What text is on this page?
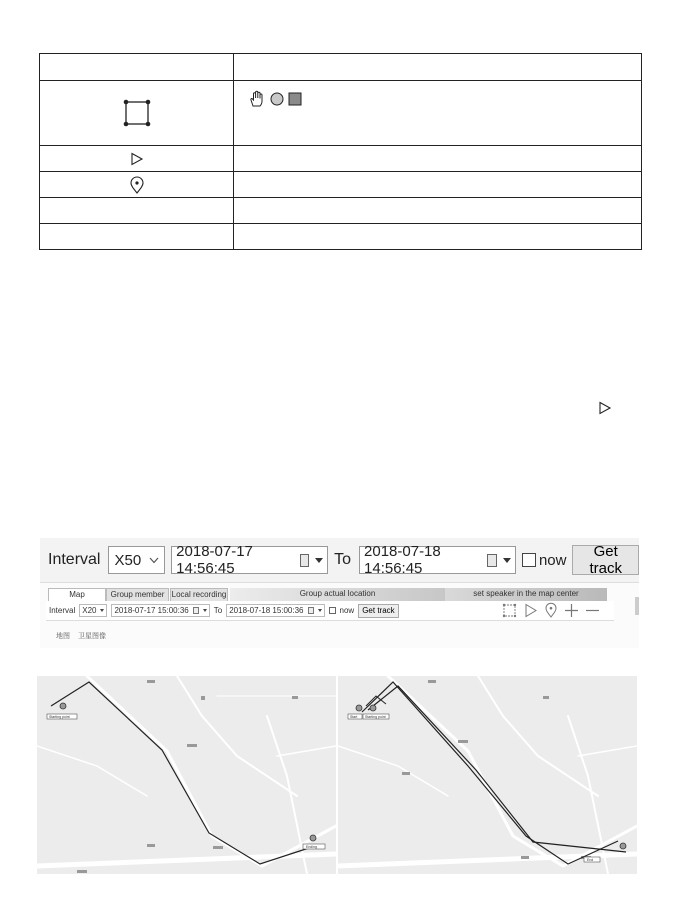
Interval X50 2018-07-17 14:56:45
To 2018-07-18 14:56:45	now	Get track
Map	Group member Local recording	Group actual location	set speaker in the map center
Interval X20 2018-07-17 15:00:36	To 2018-07-18 15:00:36	now	Get track
地图 卫星图像
Starting point
Ending
Start Starting point
End
